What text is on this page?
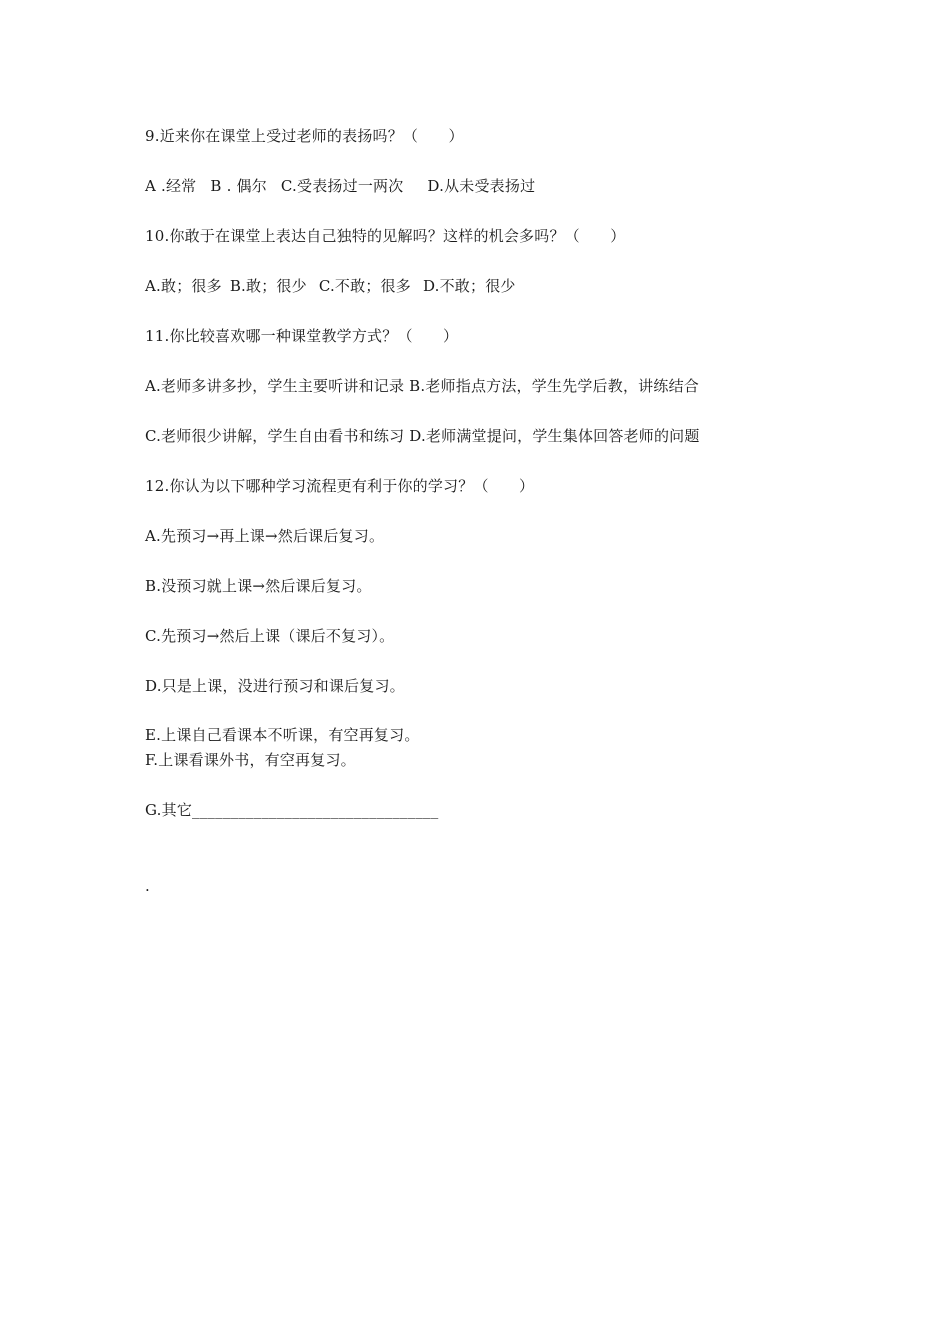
9.近来你在课堂上受过老师的表扬吗？（　　）
A .经常 B . 偶尔 C.受表扬过一两次 D.从未受表扬过
10.你敢于在课堂上表达自己独特的见解吗？这样的机会多吗？（　　）
A.敢；很多 B.敢；很少 C.不敢；很多 D.不敢；很少
11.你比较喜欢哪一种课堂教学方式？（　　）
A.老师多讲多抄，学生主要听讲和记录 B.老师指点方法，学生先学后教，讲练结合
C.老师很少讲解，学生自由看书和练习 D.老师满堂提问，学生集体回答老师的问题
12.你认为以下哪种学习流程更有利于你的学习？（　　）
A.先预习→再上课→然后课后复习。
B.没预习就上课→然后课后复习。
C.先预习→然后上课（课后不复习）。
D.只是上课，没进行预习和课后复习。
E.上课自己看课本不听课，有空再复习。
F.上课看课外书，有空再复习。
G.其它________________________________
.
